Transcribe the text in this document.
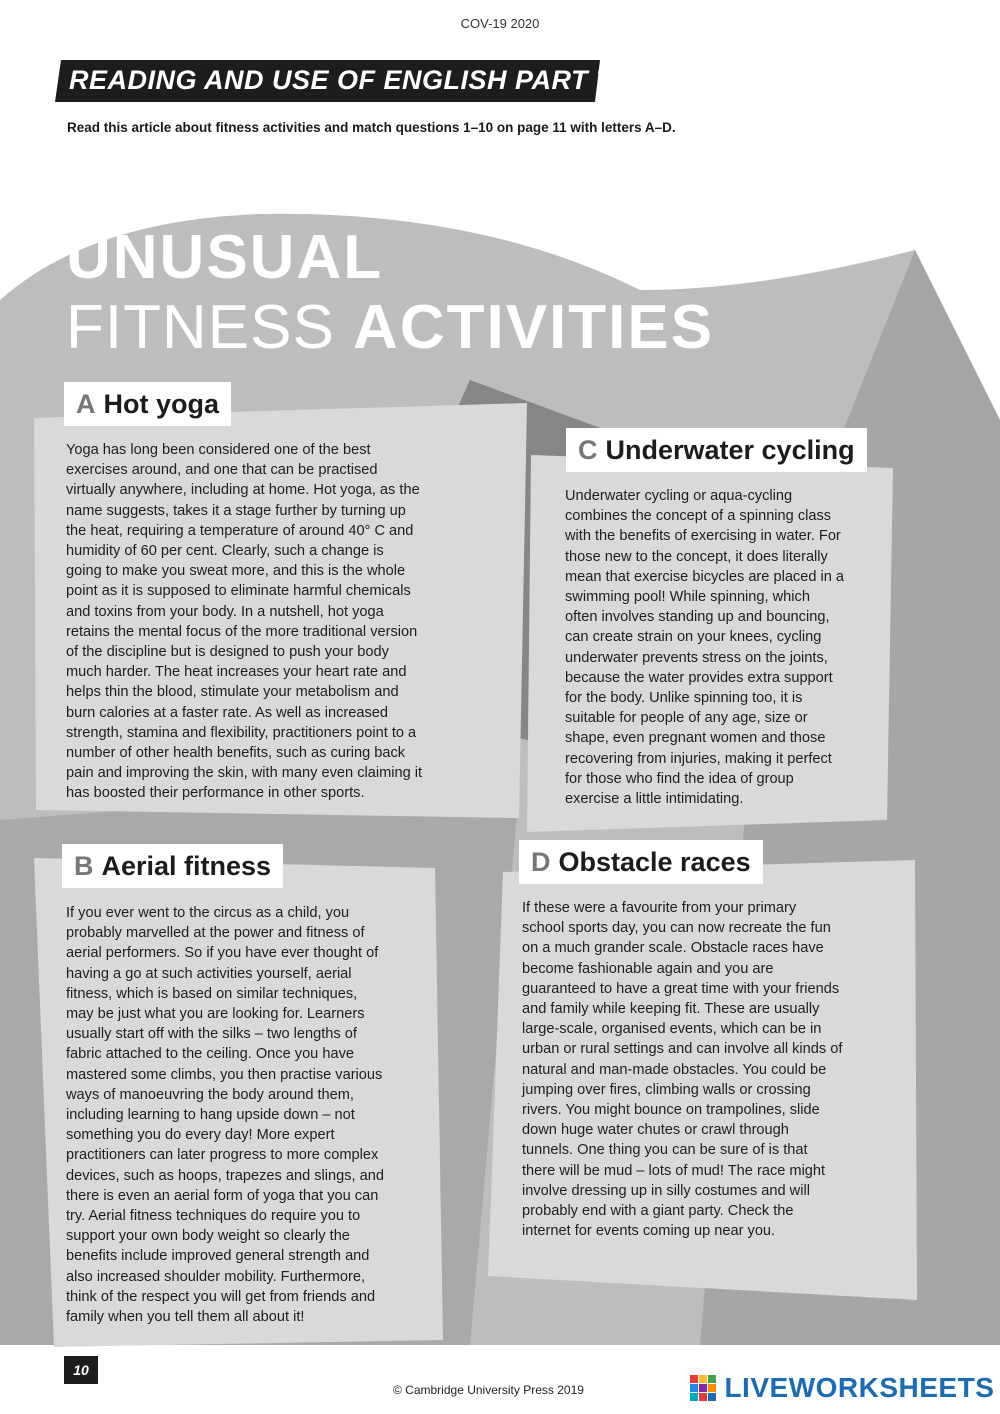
COV-19 2020
READING AND USE OF ENGLISH PART 7
Read this article about fitness activities and match questions 1–10 on page 11 with letters A–D.
UNUSUAL
FITNESS ACTIVITIES
A Hot yoga
Yoga has long been considered one of the best
exercises around, and one that can be practised
virtually anywhere, including at home. Hot yoga, as the
name suggests, takes it a stage further by turning up
the heat, requiring a temperature of around 40° C and
humidity of 60 per cent. Clearly, such a change is
going to make you sweat more, and this is the whole
point as it is supposed to eliminate harmful chemicals
and toxins from your body. In a nutshell, hot yoga
retains the mental focus of the more traditional version
of the discipline but is designed to push your body
much harder. The heat increases your heart rate and
helps thin the blood, stimulate your metabolism and
burn calories at a faster rate. As well as increased
strength, stamina and flexibility, practitioners point to a
number of other health benefits, such as curing back
pain and improving the skin, with many even claiming it
has boosted their performance in other sports.
C Underwater cycling
Underwater cycling or aqua-cycling
combines the concept of a spinning class
with the benefits of exercising in water. For
those new to the concept, it does literally
mean that exercise bicycles are placed in a
swimming pool! While spinning, which
often involves standing up and bouncing,
can create strain on your knees, cycling
underwater prevents stress on the joints,
because the water provides extra support
for the body. Unlike spinning too, it is
suitable for people of any age, size or
shape, even pregnant women and those
recovering from injuries, making it perfect
for those who find the idea of group
exercise a little intimidating.
B Aerial fitness
If you ever went to the circus as a child, you
probably marvelled at the power and fitness of
aerial performers. So if you have ever thought of
having a go at such activities yourself, aerial
fitness, which is based on similar techniques,
may be just what you are looking for. Learners
usually start off with the silks – two lengths of
fabric attached to the ceiling. Once you have
mastered some climbs, you then practise various
ways of manoeuvring the body around them,
including learning to hang upside down – not
something you do every day! More expert
practitioners can later progress to more complex
devices, such as hoops, trapezes and slings, and
there is even an aerial form of yoga that you can
try. Aerial fitness techniques do require you to
support your own body weight so clearly the
benefits include improved general strength and
also increased shoulder mobility. Furthermore,
think of the respect you will get from friends and
family when you tell them all about it!
D Obstacle races
If these were a favourite from your primary
school sports day, you can now recreate the fun
on a much grander scale. Obstacle races have
become fashionable again and you are
guaranteed to have a great time with your friends
and family while keeping fit. These are usually
large-scale, organised events, which can be in
urban or rural settings and can involve all kinds of
natural and man-made obstacles. You could be
jumping over fires, climbing walls or crossing
rivers. You might bounce on trampolines, slide
down huge water chutes or crawl through
tunnels. One thing you can be sure of is that
there will be mud – lots of mud! The race might
involve dressing up in silly costumes and will
probably end with a giant party. Check the
internet for events coming up near you.
10
© Cambridge University Press 2019	LIVEWORKSHEETS
